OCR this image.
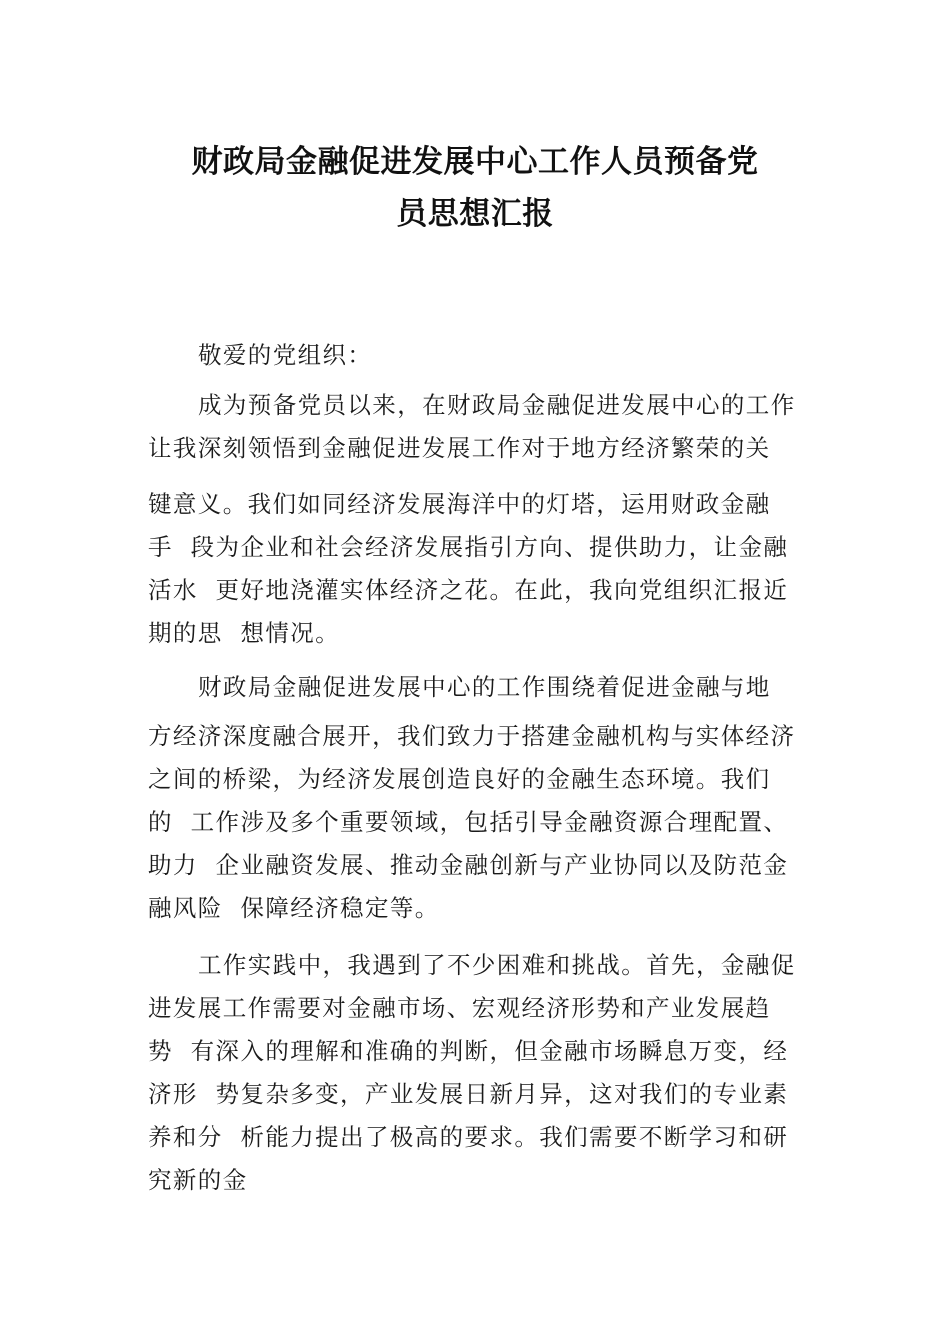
财政局金融促进发展中心工作人员预备党
员思想汇报
敬爱的党组织：
成为预备党员以来，在财政局金融促进发展中心的工作
让我深刻领悟到金融促进发展工作对于地方经济繁荣的关
键意义。我们如同经济发展海洋中的灯塔，运用财政金融
手  段为企业和社会经济发展指引方向、提供助力，让金融
活水  更好地浇灌实体经济之花。在此，我向党组织汇报近
期的思  想情况。
财政局金融促进发展中心的工作围绕着促进金融与地
方经济深度融合展开，我们致力于搭建金融机构与实体经济
之间的桥梁，为经济发展创造良好的金融生态环境。我们
的  工作涉及多个重要领域，包括引导金融资源合理配置、
助力  企业融资发展、推动金融创新与产业协同以及防范金
融风险  保障经济稳定等。
工作实践中，我遇到了不少困难和挑战。首先，金融促
进发展工作需要对金融市场、宏观经济形势和产业发展趋
势  有深入的理解和准确的判断，但金融市场瞬息万变，经
济形  势复杂多变，产业发展日新月异，这对我们的专业素
养和分  析能力提出了极高的要求。我们需要不断学习和研
究新的金
